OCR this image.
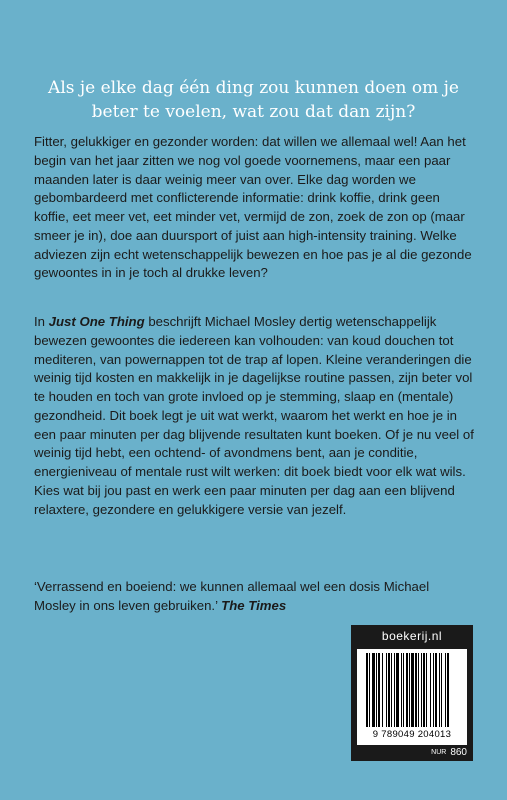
Als je elke dag één ding zou kunnen doen om je beter te voelen, wat zou dat dan zijn?

Fitter, gelukkiger en gezonder worden: dat willen we allemaal wel! Aan het begin van het jaar zitten we nog vol goede voornemens, maar een paar maanden later is daar weinig meer van over. Elke dag worden we gebombardeerd met conflicterende informatie: drink koffie, drink geen koffie, eet meer vet, eet minder vet, vermijd de zon, zoek de zon op (maar smeer je in), doe aan duursport of juist aan high-intensity training. Welke adviezen zijn echt wetenschappelijk bewezen en hoe pas je al die gezonde gewoontes in in je toch al drukke leven?

In Just One Thing beschrijft Michael Mosley dertig wetenschappelijk bewezen gewoontes die iedereen kan volhouden: van koud douchen tot mediteren, van powernappen tot de trap af lopen. Kleine veranderingen die weinig tijd kosten en makkelijk in je dagelijkse routine passen, zijn beter vol te houden en toch van grote invloed op je stemming, slaap en (mentale) gezondheid. Dit boek legt je uit wat werkt, waarom het werkt en hoe je in een paar minuten per dag blijvende resultaten kunt boeken. Of je nu veel of weinig tijd hebt, een ochtend- of avondmens bent, aan je conditie, energieniveau of mentale rust wilt werken: dit boek biedt voor elk wat wils. Kies wat bij jou past en werk een paar minuten per dag aan een blijvend relaxtere, gezondere en gelukkigere versie van jezelf.

‘Verrassend en boeiend: we kunnen allemaal wel een dosis Michael Mosley in ons leven gebruiken.’ The Times

boekerij.nl
9 789049 204013
NUR 860
